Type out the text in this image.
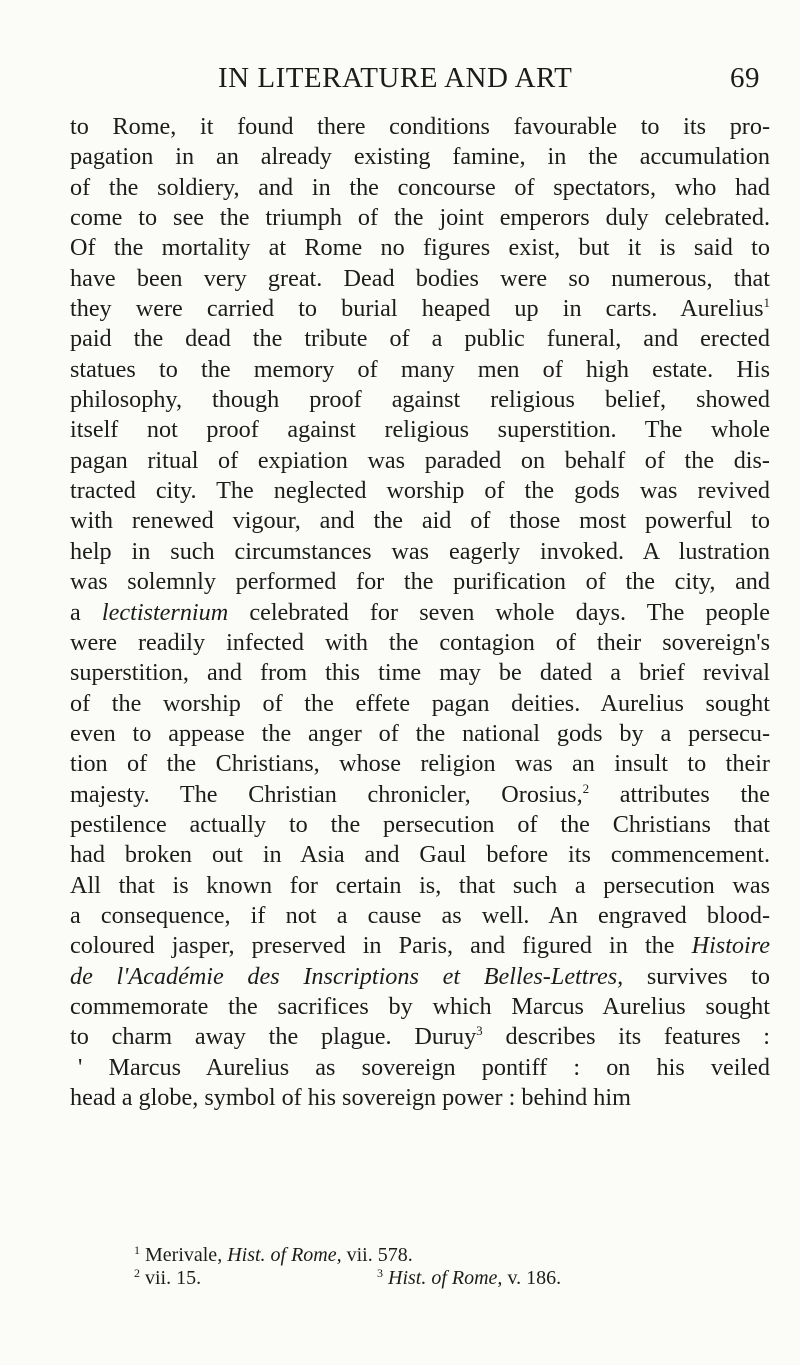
IN LITERATURE AND ART	69
to Rome, it found there conditions favourable to its pro-
pagation in an already existing famine, in the accumulation
of the soldiery, and in the concourse of spectators, who had
come to see the triumph of the joint emperors duly celebrated.
Of the mortality at Rome no figures exist, but it is said to
have been very great. Dead bodies were so numerous, that
they were carried to burial heaped up in carts. Aurelius$^1$
paid the dead the tribute of a public funeral, and erected
statues to the memory of many men of high estate. His
philosophy, though proof against religious belief, showed
itself not proof against religious superstition. The whole
pagan ritual of expiation was paraded on behalf of the dis-
tracted city. The neglected worship of the gods was revived
with renewed vigour, and the aid of those most powerful to
help in such circumstances was eagerly invoked. A lustration
was solemnly performed for the purification of the city, and
a lectisternium celebrated for seven whole days. The people
were readily infected with the contagion of their sovereign's
superstition, and from this time may be dated a brief revival
of the worship of the effete pagan deities. Aurelius sought
even to appease the anger of the national gods by a persecu-
tion of the Christians, whose religion was an insult to their
majesty. The Christian chronicler, Orosius,$^2$ attributes the
pestilence actually to the persecution of the Christians that
had broken out in Asia and Gaul before its commencement.
All that is known for certain is, that such a persecution was
a consequence, if not a cause as well. An engraved blood-
coloured jasper, preserved in Paris, and figured in the Histoire
de l'Académie des Inscriptions et Belles-Lettres, survives to
commemorate the sacrifices by which Marcus Aurelius sought
to charm away the plague. Duruy$^3$ describes its features :
' Marcus Aurelius as sovereign pontiff : on his veiled
head a globe, symbol of his sovereign power : behind him
$^1$ Merivale, Hist. of Rome, vii. 578.
$^2$ vii. 15.	$^3$ Hist. of Rome, v. 186.
